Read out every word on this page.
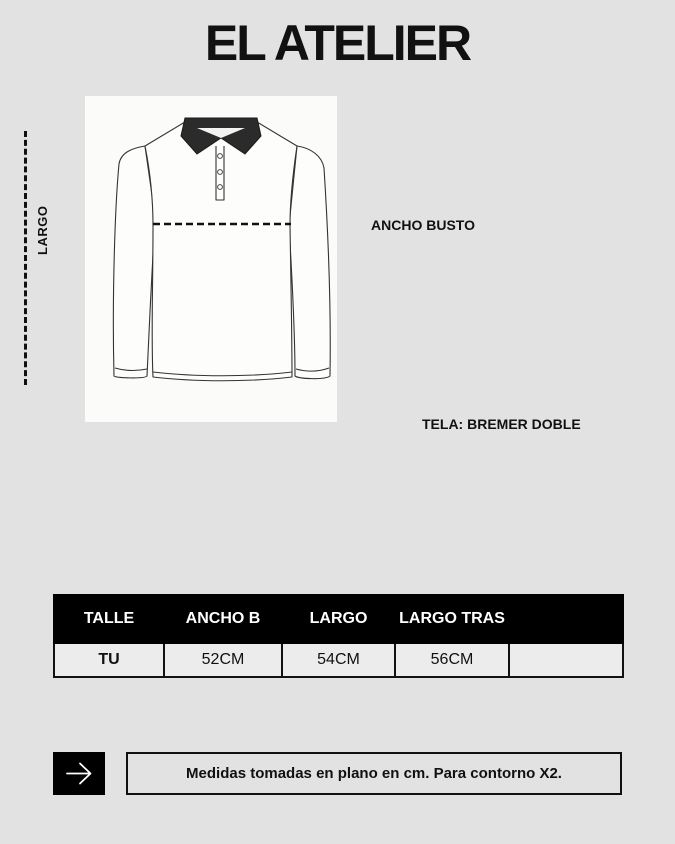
EL ATELIER
LARGO	ANCHO BUSTO
TELA: BREMER DOBLE
TALLE	ANCHO B	LARGO	LARGO TRAS	
TU	52CM	54CM	56CM	
Medidas tomadas en plano en cm. Para contorno X2.
